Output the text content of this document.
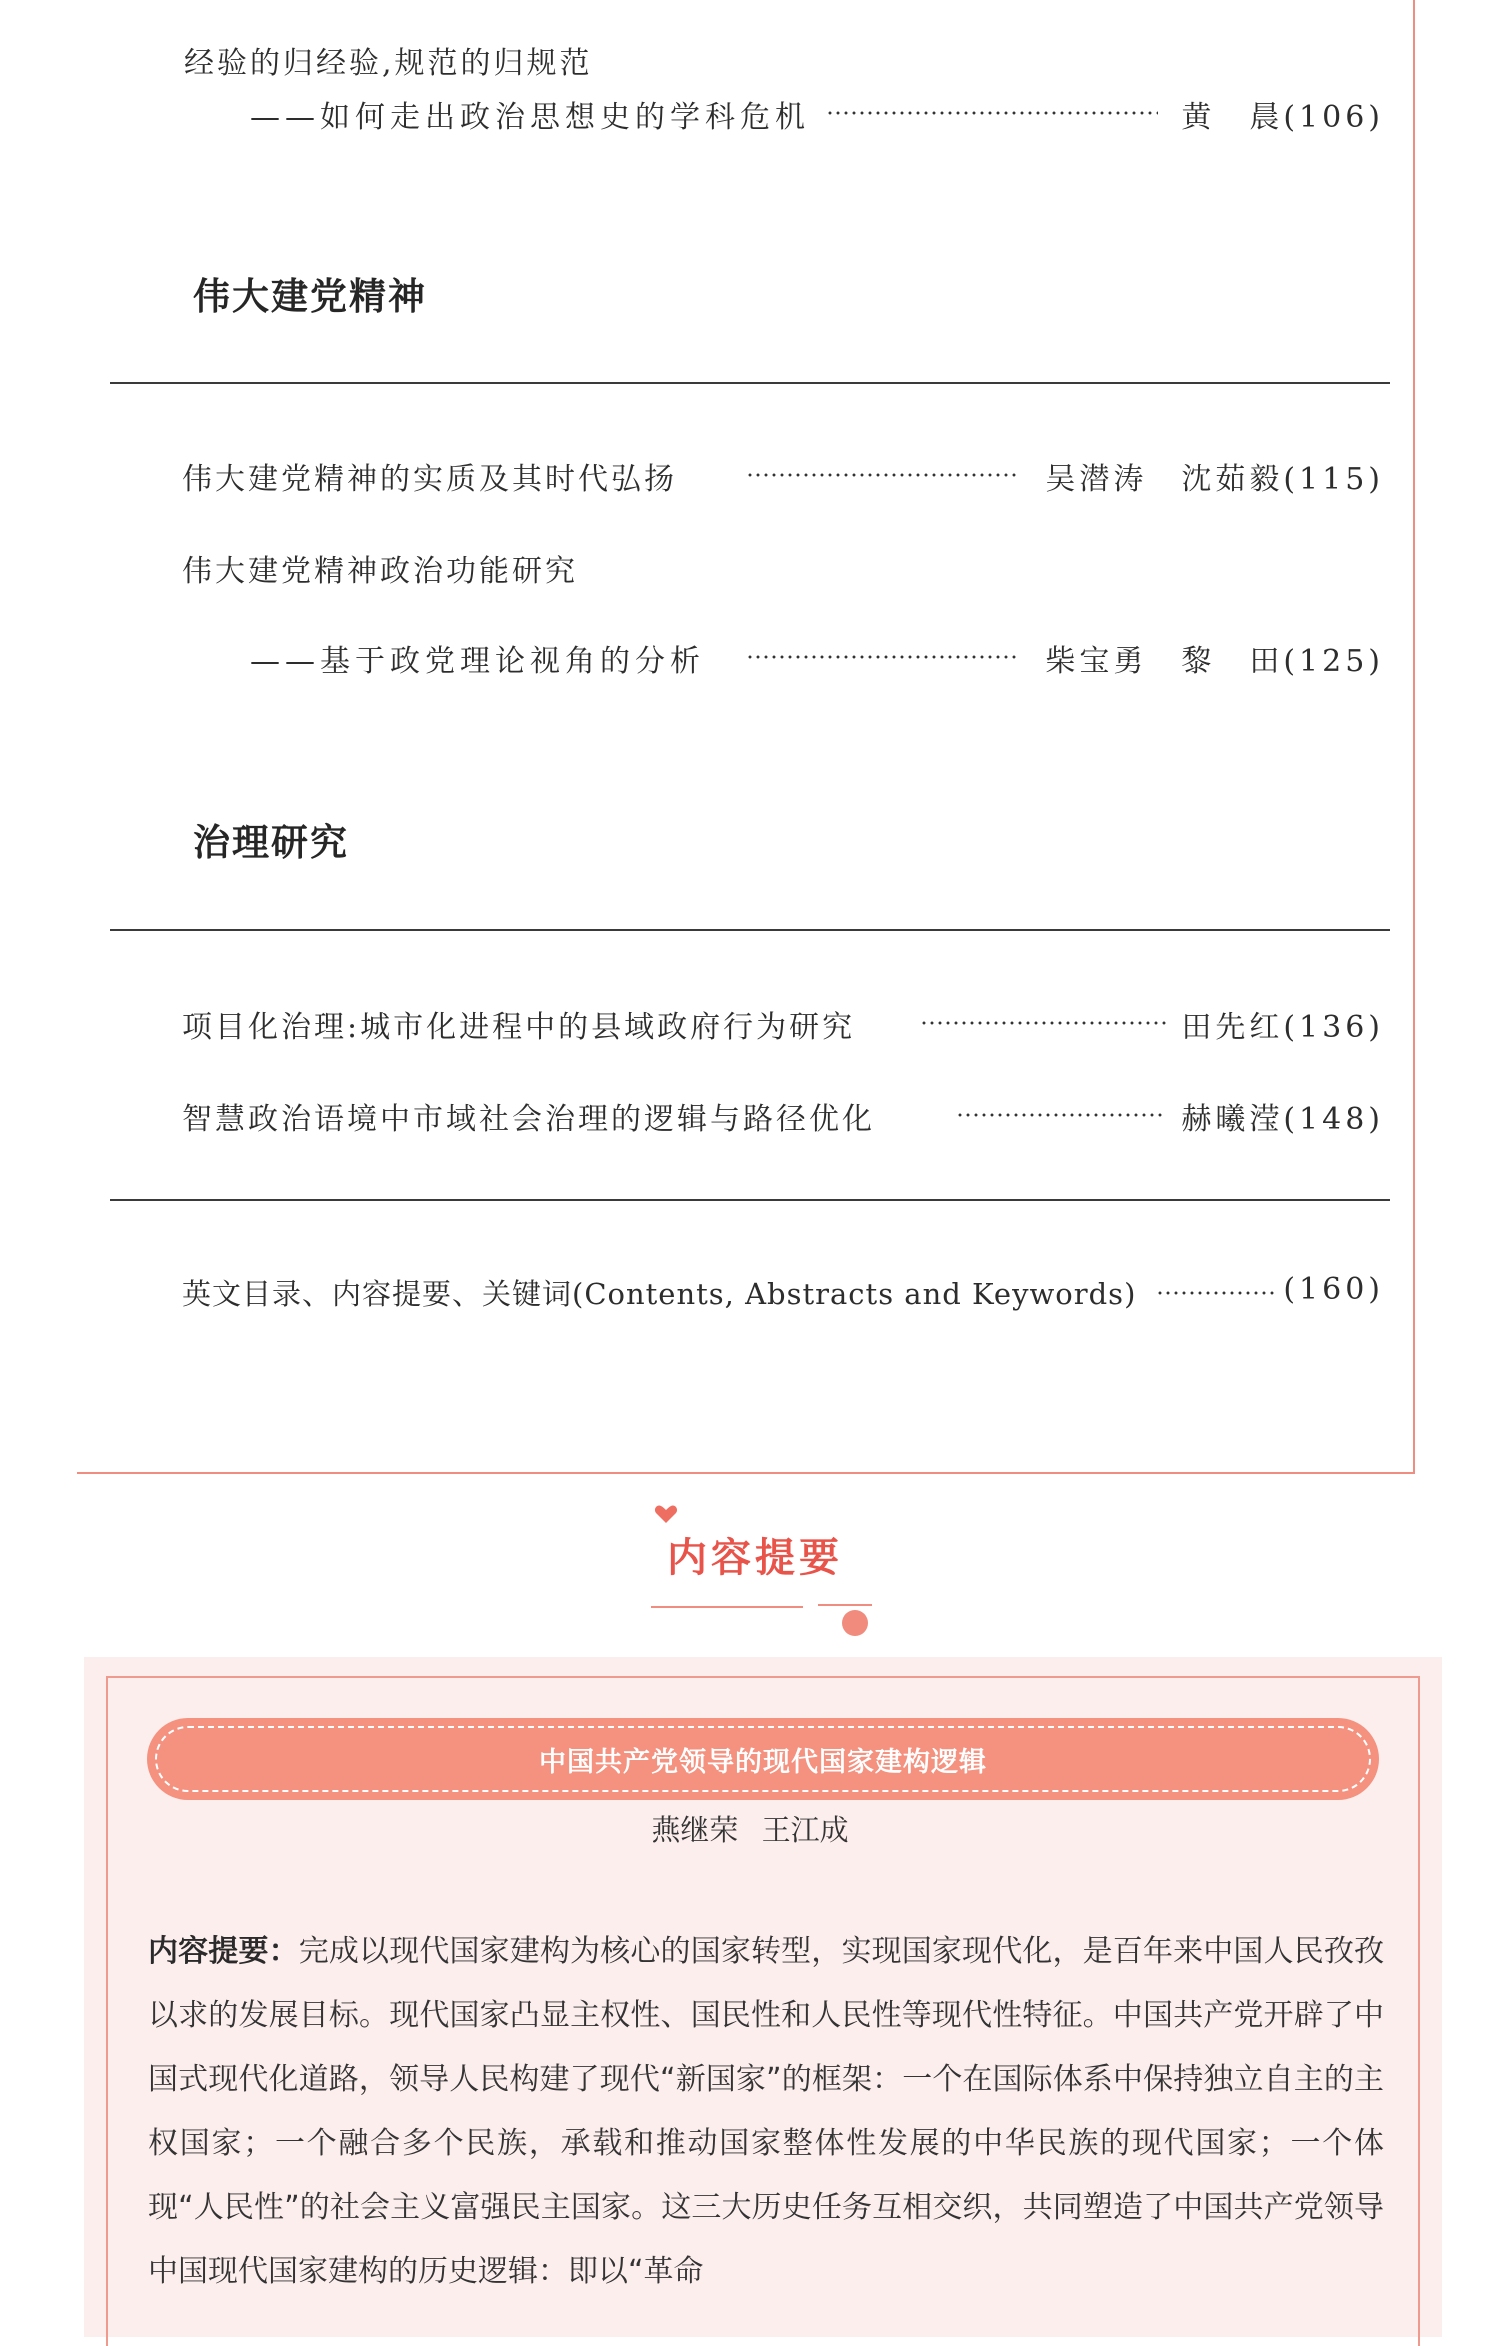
经验的归经验,规范的归规范
——如何走出政治思想史的学科危机	黄　晨(106)
伟大建党精神
伟大建党精神的实质及其时代弘扬	吴潜涛　沈茹毅(115)
伟大建党精神政治功能研究
——基于政党理论视角的分析	柴宝勇　黎　田(125)
治理研究
项目化治理:城市化进程中的县域政府行为研究	田先红(136)
智慧政治语境中市域社会治理的逻辑与路径优化	赫曦滢(148)
英文目录、内容提要、关键词(Contents, Abstracts and Keywords)	(160)
内容提要
中国共产党领导的现代国家建构逻辑
燕继荣 王江成
内容提要：完成以现代国家建构为核心的国家转型，实现国家现代化，是百年来中国人民孜孜以求的发展目标。现代国家凸显主权性、国民性和人民性等现代性特征。中国共产党开辟了中国式现代化道路，领导人民构建了现代“新国家”的框架：一个在国际体系中保持独立自主的主权国家；一个融合多个民族，承载和推动国家整体性发展的中华民族的现代国家；一个体现“人民性”的社会主义富强民主国家。这三大历史任务互相交织，共同塑造了中国共产党领导中国现代国家建构的历史逻辑：即以“革命
